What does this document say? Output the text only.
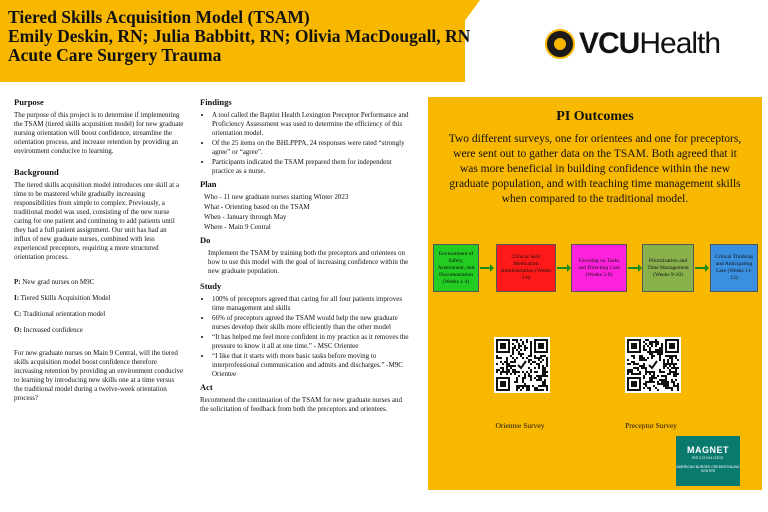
Tiered Skills Acquisition Model (TSAM)
Emily Deskin, RN; Julia Babbitt, RN; Olivia MacDougall, RN
Acute Care Surgery Trauma	VCU Health
Purpose

The purpose of this project is to determine if implementing the TSAM (tiered skills acquisition model) for new graduate nursing orientation will boost confidence, streamline the orientation process, and increase retention by providing an environment conducive to learning.

Background

The tiered skills acquisition model introduces one skill at a time to be mastered while gradually increasing responsibilities from simple to complex. Previously, a traditional model was used, consisting of the new nurse caring for one patient and continuing to add patients until they had a full patient assignment. Our unit has had an influx of new graduate nurses, combined with less experienced preceptors, requiring a more structured orientation process.

P: New grad nurses on M9C

I: Tiered Skills Acquisition Model

C: Traditional orientation model

O: Increased confidence

For new graduate nurses on Main 9 Central, will the tiered skills acquisition model boost confidence therefore increasing retention by providing an environment conducive to learning by introducing new skills one at a time versus the traditional model during a twelve-week orientation process?

Findings
• A tool called the Baptist Health Lexington Preceptor Performance and Proficiency Assessment was used to determine the efficiency of this orientation model.
• Of the 25 items on the BHLPPPA, 24 responses were rated “strongly agree” or “agree”.
• Participants indicated the TSAM prepared them for independent practice as a nurse.
Plan
Who - 11 new graduate nurses starting Winter 2023
What - Orienting based on the TSAM
When - January through May
Where - Main 9 Central
Do

Implement the TSAM by training both the preceptors and orientees on how to use this model with the goal of increasing confidence within the new graduate population.

Study
• 100% of preceptors agreed that caring for all four patients improves time management and skills
• 66% of preceptors agreed the TSAM would help the new graduate nurses develop their skills more efficiently than the other model
• “It has helped me feel more confident in my practice as it removes the pressure to know it all at one time.” - MSC Orientee
• “I like that it starts with more basic tasks before moving to interprofessional communication and admits and discharges.” -M9C Orientee
Act

Recommend the continuation of the TSAM for new graduate nurses and the solicitation of feedback from both the preceptors and orientees.

PI Outcomes
Two different surveys, one for orientees and one for preceptors, were sent out to gather data on the TSAM. Both agreed that it was more beneficial in building confidence within the new graduate population, and with teaching time management skills when compared to the traditional model.
Environment of Safety, Assessment, and Documentation (Weeks 1-4)
Clinical Skill Medication Administration (Weeks 3-6)
Focusing on Tasks and Directing Care (Weeks 5-8)
Prioritization and Time Management (Weeks 9-10)
Critical Thinking and Anticipating Care (Weeks 11-12)
Orientee Survey	Preceptor Survey
MAGNET
RECOGNIZED
AMERICAN NURSES CREDENTIALING CENTER
